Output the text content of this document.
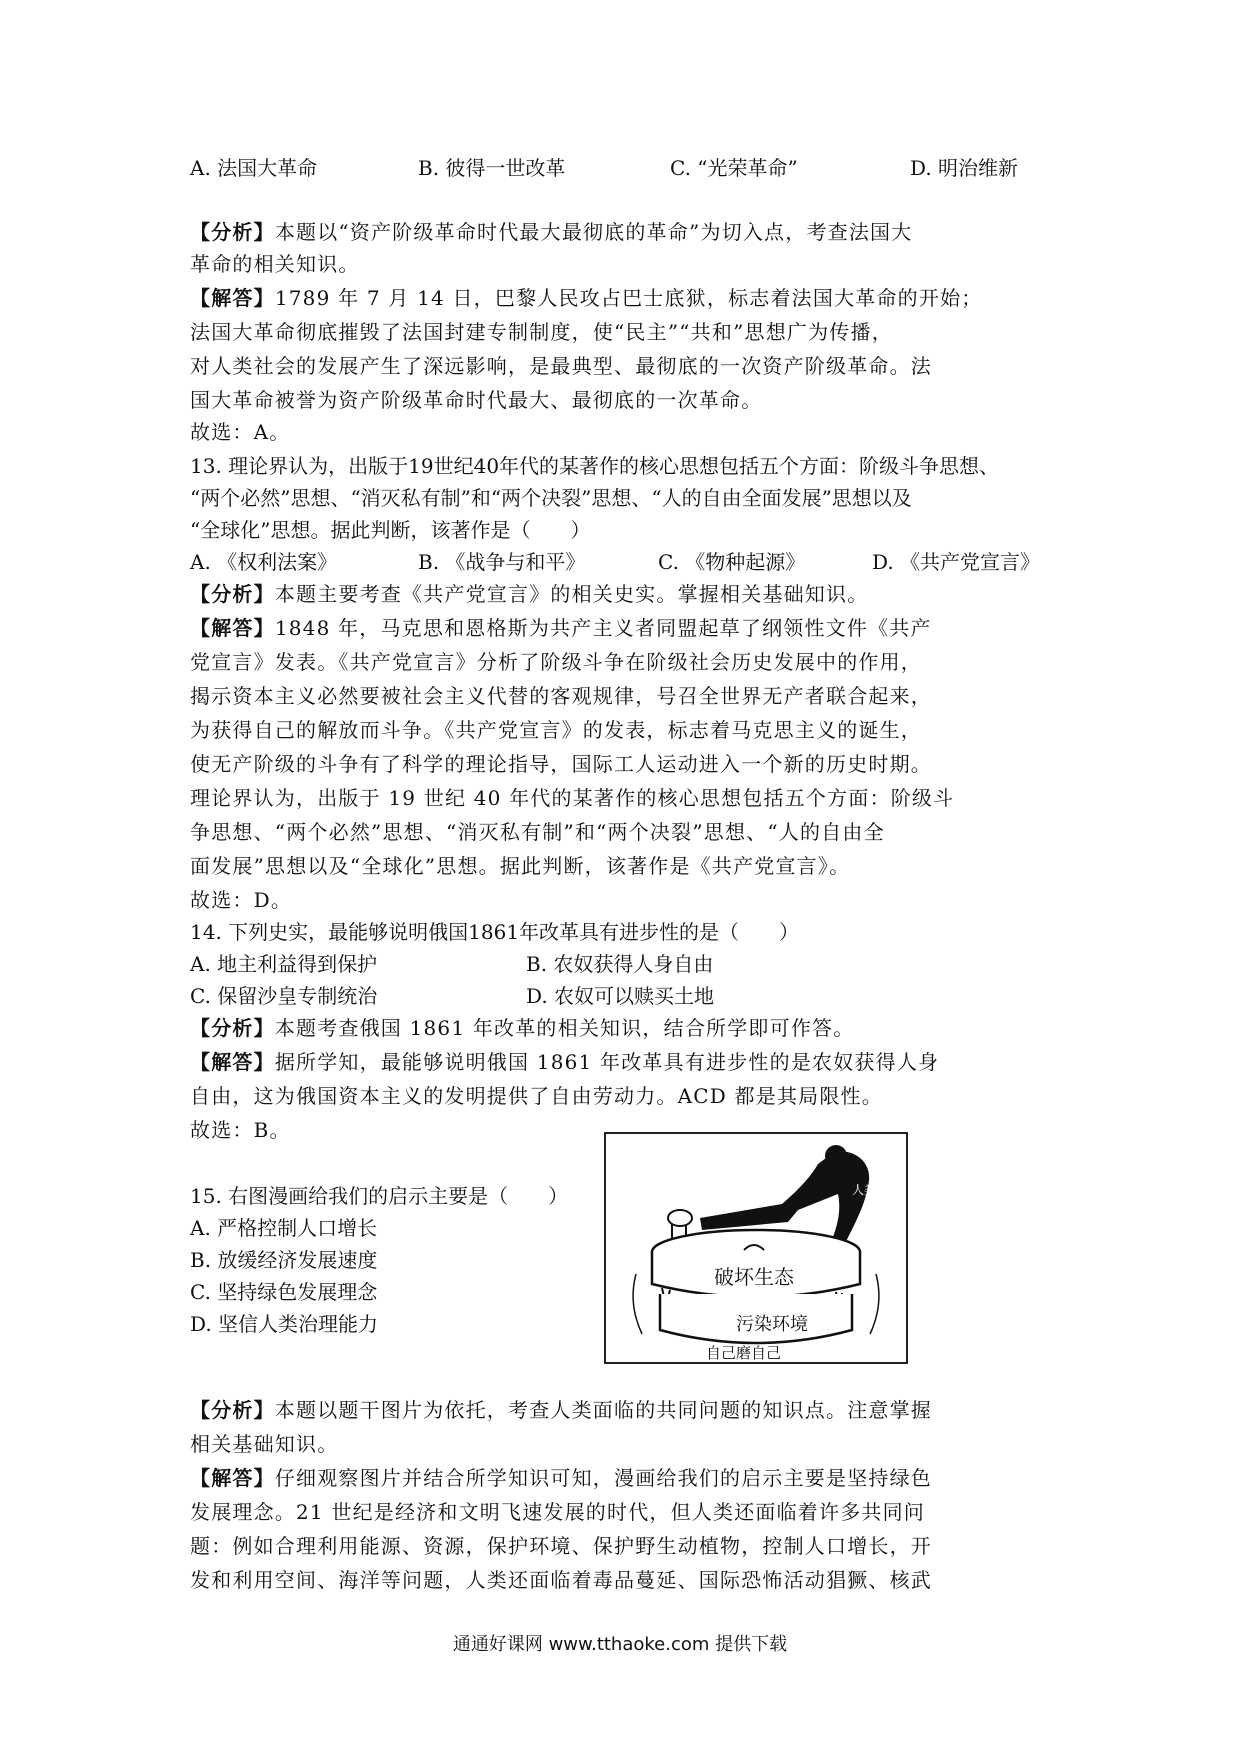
A. 法国大革命	B. 彼得一世改革	C. “光荣革命”	D. 明治维新
【分析】本题以“资产阶级革命时代最大最彻底的革命”为切入点，考查法国大
革命的相关知识。
【解答】1789 年 7 月 14 日，巴黎人民攻占巴士底狱，标志着法国大革命的开始；
法国大革命彻底摧毁了法国封建专制制度，使“民主”“共和”思想广为传播，
对人类社会的发展产生了深远影响，是最典型、最彻底的一次资产阶级革命。法
国大革命被誉为资产阶级革命时代最大、最彻底的一次革命。
故选：A。
13. 理论界认为，出版于19世纪40年代的某著作的核心思想包括五个方面：阶级斗争思想、
“两个必然”思想、“消灭私有制”和“两个决裂”思想、“人的自由全面发展”思想以及
“全球化”思想。据此判断，该著作是（　　）
A. 《权利法案》	B. 《战争与和平》	C. 《物种起源》	D. 《共产党宣言》
【分析】本题主要考查《共产党宣言》的相关史实。掌握相关基础知识。
【解答】1848 年，马克思和恩格斯为共产主义者同盟起草了纲领性文件《共产
党宣言》发表。《共产党宣言》分析了阶级斗争在阶级社会历史发展中的作用，
揭示资本主义必然要被社会主义代替的客观规律，号召全世界无产者联合起来，
为获得自己的解放而斗争。《共产党宣言》的发表，标志着马克思主义的诞生，
使无产阶级的斗争有了科学的理论指导，国际工人运动进入一个新的历史时期。
理论界认为，出版于 19 世纪 40 年代的某著作的核心思想包括五个方面：阶级斗
争思想、“两个必然”思想、“消灭私有制”和“两个决裂”思想、“人的自由全
面发展”思想以及“全球化”思想。据此判断，该著作是《共产党宣言》。
故选：D。
14. 下列史实，最能够说明俄国1861年改革具有进步性的是（　　）
A. 地主利益得到保护	B. 农奴获得人身自由
C. 保留沙皇专制统治	D. 农奴可以赎买土地
【分析】本题考查俄国 1861 年改革的相关知识，结合所学即可作答。
【解答】据所学知，最能够说明俄国 1861 年改革具有进步性的是农奴获得人身
自由，这为俄国资本主义的发明提供了自由劳动力。ACD 都是其局限性。
故选：B。
15. 右图漫画给我们的启示主要是（　　）
A. 严格控制人口增长
B. 放缓经济发展速度
C. 坚持绿色发展理念
D. 坚信人类治理能力
人类
破坏生态
污染环境
自己磨自己
【分析】本题以题干图片为依托，考查人类面临的共同问题的知识点。注意掌握
相关基础知识。
【解答】仔细观察图片并结合所学知识可知，漫画给我们的启示主要是坚持绿色
发展理念。21 世纪是经济和文明飞速发展的时代，但人类还面临着许多共同问
题：例如合理利用能源、资源，保护环境、保护野生动植物，控制人口增长，开
发和利用空间、海洋等问题，人类还面临着毒品蔓延、国际恐怖活动猖獗、核武
通通好课网 www.tthaoke.com 提供下载
